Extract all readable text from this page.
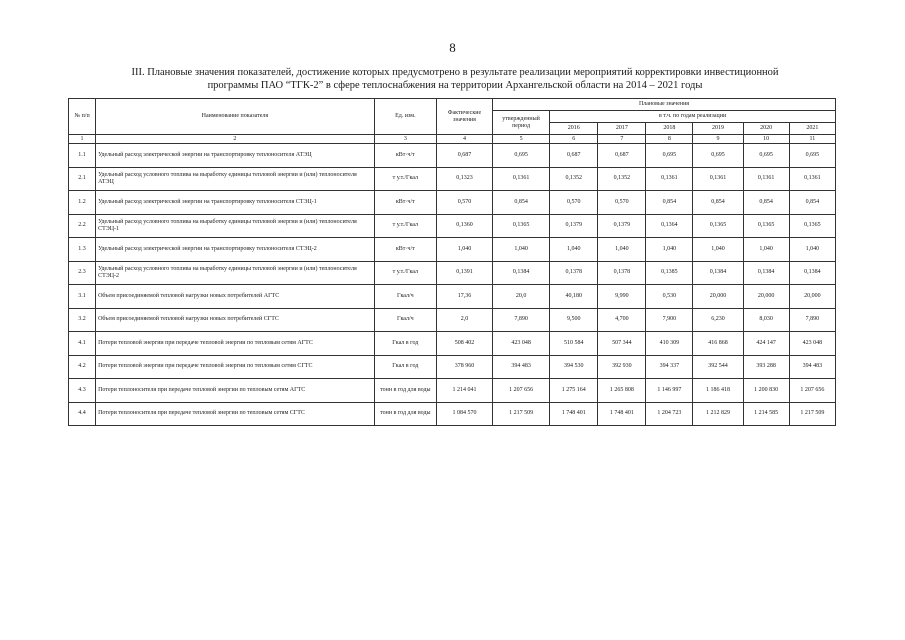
8
III. Плановые значения показателей, достижение которых предусмотрено в результате реализации мероприятий корректировки инвестиционной
программы ПАО “ТГК-2” в сфере теплоснабжения на территории Архангельской области на 2014 – 2021 годы
№ п/п	Наименование показателя	Ед. изм.	Фактические значения	Плановые значения						
				утвержденный период	в т.ч. по годам реализации					
					2016	2017	2018	2019	2020	2021
1	2	3	4	5	6	7	8	9	10	11
1.1	Удельный расход электрической энергии на транспортировку теплоносителя АТЭЦ	кВт·ч/т	0,687	0,695	0,687	0,687	0,695	0,695	0,695	0,695
2.1	Удельный расход условного топлива на выработку единицы тепловой энергии и (или) теплоносителя АТЭЦ	т у.т./Гкал	0,1323	0,1361	0,1352	0,1352	0,1361	0,1361	0,1361	0,1361
1.2	Удельный расход электрической энергии на транспортировку теплоносителя СТЭЦ-1	кВт·ч/т	0,570	0,854	0,570	0,570	0,854	0,854	0,854	0,854
2.2	Удельный расход условного топлива на выработку единицы тепловой энергии и (или) теплоносителя СТЭЦ-1	т у.т./Гкал	0,1360	0,1365	0,1379	0,1379	0,1364	0,1365	0,1365	0,1365
1.3	Удельный расход электрической энергии на транспортировку теплоносителя СТЭЦ-2	кВт·ч/т	1,040	1,040	1,040	1,040	1,040	1,040	1,040	1,040
2.3	Удельный расход условного топлива на выработку единицы тепловой энергии и (или) теплоносителя СТЭЦ-2	т у.т./Гкал	0,1391	0,1384	0,1378	0,1378	0,1385	0,1384	0,1384	0,1384
3.1	Объем присоединяемой тепловой нагрузки новых потребителей АГТС	Гкал/ч	17,36	20,0	40,180	9,990	0,530	20,000	20,000	20,000
3.2	Объем присоединяемой тепловой нагрузки новых потребителей СГТС	Гкал/ч	2,0	7,890	9,500	4,700	7,900	6,230	8,030	7,890
4.1	Потери тепловой энергии при передаче тепловой энергии по тепловым сетям АГТС	Гкал в год	508 402	423 048	510 584	507 344	410 309	416 868	424 147	423 048
4.2	Потери тепловой энергии при передаче тепловой энергии по тепловым сетям СГТС	Гкал в год	378 960	394 483	394 530	392 930	394 337	392 544	393 288	394 483
4.3	Потери теплоносителя при передаче тепловой энергии по тепловым сетям АГТС	тонн в год для воды	1 214 041	1 207 656	1 275 164	1 265 808	1 146 997	1 186 418	1 200 830	1 207 656
4.4	Потери теплоносителя при передаче тепловой энергии по тепловым сетям СГТС	тонн в год для воды	1 084 570	1 217 509	1 748 401	1 748 401	1 204 723	1 212 829	1 214 585	1 217 509
